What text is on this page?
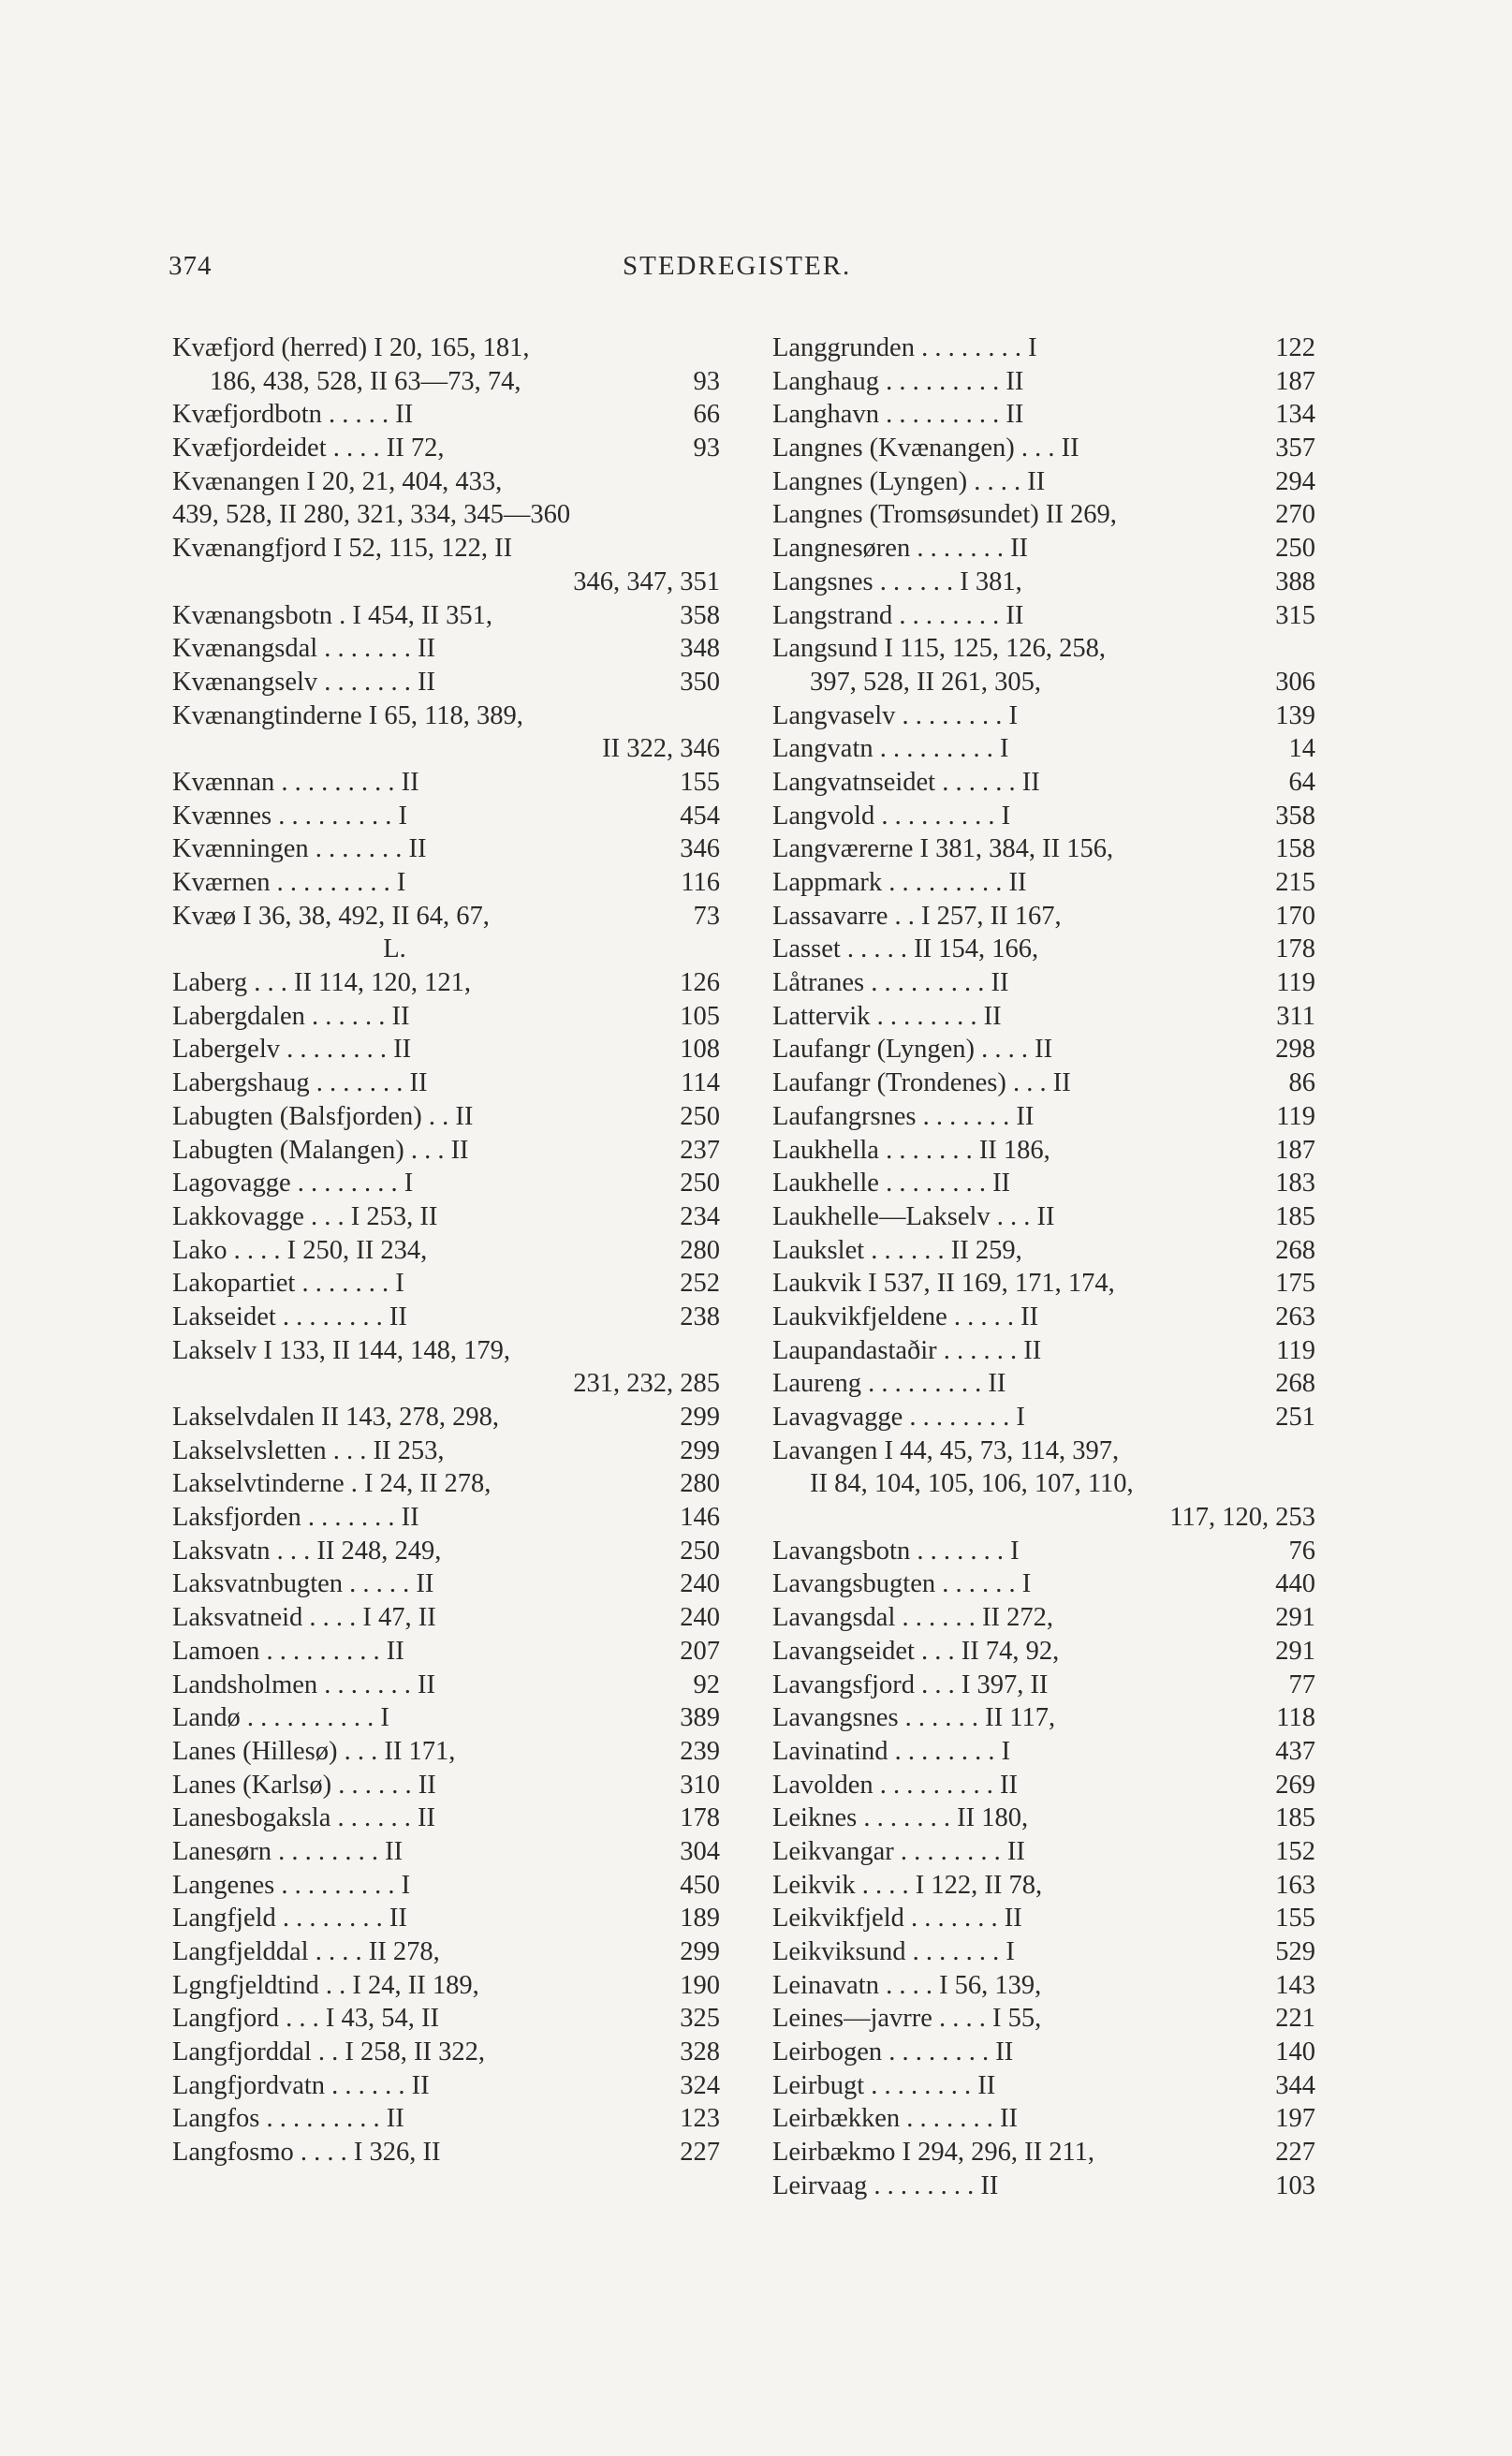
374	STEDREGISTER.
Kvæfjord (herred) I 20, 165, 181,
186, 438, 528, II 63—73, 74,	93
Kvæfjordbotn . . . . . II	66
Kvæfjordeidet . . . . II 72,	93
Kvænangen I 20, 21, 404, 433,
439, 528, II 280, 321, 334, 345—360
Kvænangfjord I 52, 115, 122, II
346, 347, 351
Kvænangsbotn . I 454, II 351,	358
Kvænangsdal . . . . . . . II	348
Kvænangselv . . . . . . . II	350
Kvænangtinderne I 65, 118, 389,
II 322, 346
Kvænnan . . . . . . . . . II	155
Kvænnes . . . . . . . . . I	454
Kvænningen . . . . . . . II	346
Kværnen . . . . . . . . . I	116
Kvæø I 36, 38, 492, II 64, 67,	73
L.
Laberg . . . II 114, 120, 121,	126
Labergdalen . . . . . . II	105
Labergelv . . . . . . . . II	108
Labergshaug . . . . . . . II	114
Labugten (Balsfjorden) . . II	250
Labugten (Malangen) . . . II	237
Lagovagge . . . . . . . . I	250
Lakkovagge . . . I 253, II	234
Lako . . . . I 250, II 234,	280
Lakopartiet . . . . . . . I	252
Lakseidet . . . . . . . . II	238
Lakselv I 133, II 144, 148, 179,
231, 232, 285
Lakselvdalen II 143, 278, 298,	299
Lakselvsletten . . . II 253,	299
Lakselvtinderne . I 24, II 278,	280
Laksfjorden . . . . . . . II	146
Laksvatn . . . II 248, 249,	250
Laksvatnbugten . . . . . II	240
Laksvatneid . . . . I 47, II	240
Lamoen . . . . . . . . . II	207
Landsholmen . . . . . . . II	92
Landø . . . . . . . . . . I	389
Lanes (Hillesø) . . . II 171,	239
Lanes (Karlsø) . . . . . . II	310
Lanesbogaksla . . . . . . II	178
Lanesørn . . . . . . . . II	304
Langenes . . . . . . . . . I	450
Langfjeld . . . . . . . . II	189
Langfjelddal . . . . II 278,	299
Lgngfjeldtind . . I 24, II 189,	190
Langfjord . . . I 43, 54, II	325
Langfjorddal . . I 258, II 322,	328
Langfjordvatn . . . . . . II	324
Langfos . . . . . . . . . II	123
Langfosmo . . . . I 326, II	227
Langgrunden . . . . . . . . I	122
Langhaug . . . . . . . . . II	187
Langhavn . . . . . . . . . II	134
Langnes (Kvænangen) . . . II	357
Langnes (Lyngen) . . . . II	294
Langnes (Tromsøsundet) II 269,	270
Langnesøren . . . . . . . II	250
Langsnes . . . . . . I 381,	388
Langstrand . . . . . . . . II	315
Langsund I 115, 125, 126, 258,
397, 528, II 261, 305,	306
Langvaselv . . . . . . . . I	139
Langvatn . . . . . . . . . I	14
Langvatnseidet . . . . . . II	64
Langvold . . . . . . . . . I	358
Langværerne I 381, 384, II 156,	158
Lappmark . . . . . . . . . II	215
Lassavarre . . I 257, II 167,	170
Lasset . . . . . II 154, 166,	178
Låtranes . . . . . . . . . II	119
Lattervik . . . . . . . . II	311
Laufangr (Lyngen) . . . . II	298
Laufangr (Trondenes) . . . II	86
Laufangrsnes . . . . . . . II	119
Laukhella . . . . . . . II 186,	187
Laukhelle . . . . . . . . II	183
Laukhelle—Lakselv . . . II	185
Laukslet . . . . . . II 259,	268
Laukvik I 537, II 169, 171, 174,	175
Laukvikfjeldene . . . . . II	263
Laupandastaðir . . . . . . II	119
Laureng . . . . . . . . . II	268
Lavagvagge . . . . . . . . I	251
Lavangen I 44, 45, 73, 114, 397,
II 84, 104, 105, 106, 107, 110,
117, 120, 253
Lavangsbotn . . . . . . . I	76
Lavangsbugten . . . . . . I	440
Lavangsdal . . . . . . II 272,	291
Lavangseidet . . . II 74, 92,	291
Lavangsfjord . . . I 397, II	77
Lavangsnes . . . . . . II 117,	118
Lavinatind . . . . . . . . I	437
Lavolden . . . . . . . . . II	269
Leiknes . . . . . . . II 180,	185
Leikvangar . . . . . . . . II	152
Leikvik . . . . I 122, II 78,	163
Leikvikfjeld . . . . . . . II	155
Leikviksund . . . . . . . I	529
Leinavatn . . . . I 56, 139,	143
Leines—javrre . . . . I 55,	221
Leirbogen . . . . . . . . II	140
Leirbugt . . . . . . . . II	344
Leirbækken . . . . . . . II	197
Leirbækmo I 294, 296, II 211,	227
Leirvaag . . . . . . . . II	103
